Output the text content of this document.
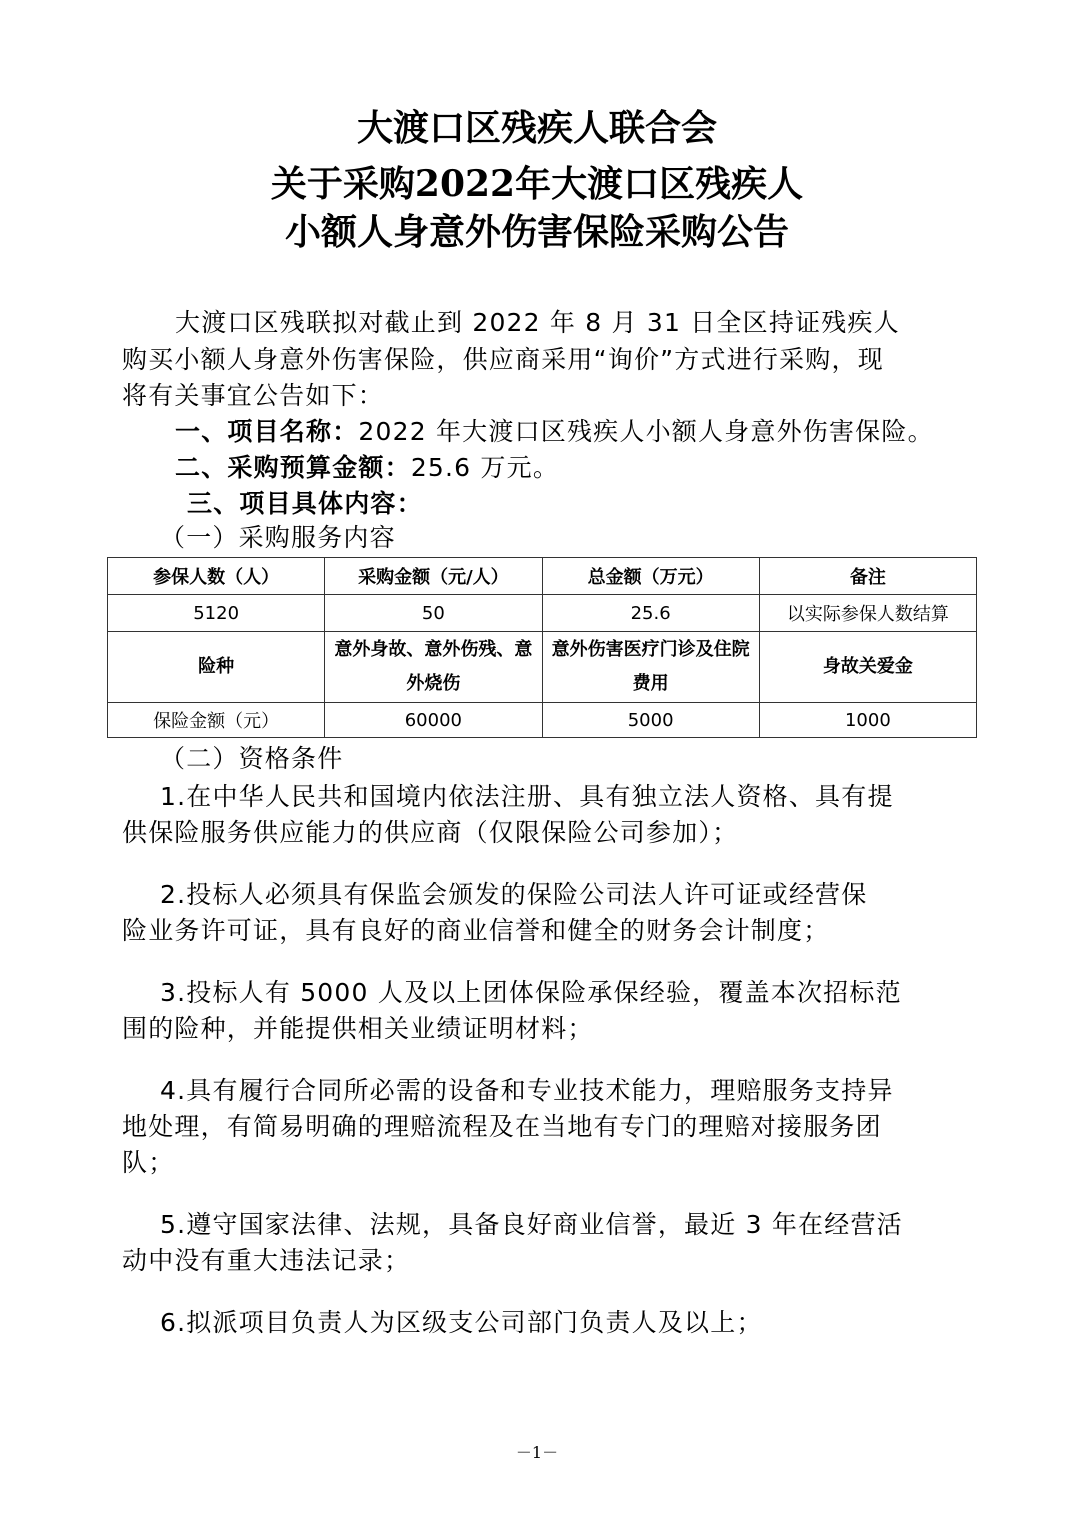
大渡口区残疾人联合会
关于采购2022年大渡口区残疾人
小额人身意外伤害保险采购公告
大渡口区残联拟对截止到 2022 年 8 月 31 日全区持证残疾人
购买小额人身意外伤害保险，供应商采用“询价”方式进行采购，现
将有关事宜公告如下：
一、项目名称：2022 年大渡口区残疾人小额人身意外伤害保险。
二、采购预算金额：25.6 万元。
三、项目具体内容：
（一）采购服务内容
参保人数（人）	采购金额（元/人）	总金额（万元）	备注
5120	50	25.6	以实际参保人数结算
险种	意外身故、意外伤残、意外烧伤	意外伤害医疗门诊及住院费用	身故关爱金
保险金额（元）	60000	5000	1000
（二）资格条件
1.在中华人民共和国境内依法注册、具有独立法人资格、具有提
供保险服务供应能力的供应商（仅限保险公司参加）；
2.投标人必须具有保监会颁发的保险公司法人许可证或经营保
险业务许可证，具有良好的商业信誉和健全的财务会计制度；
3.投标人有 5000 人及以上团体保险承保经验，覆盖本次招标范
围的险种，并能提供相关业绩证明材料；
4.具有履行合同所必需的设备和专业技术能力，理赔服务支持异
地处理，有简易明确的理赔流程及在当地有专门的理赔对接服务团
队；
5.遵守国家法律、法规，具备良好商业信誉，最近 3 年在经营活
动中没有重大违法记录；
6.拟派项目负责人为区级支公司部门负责人及以上；
－1－
